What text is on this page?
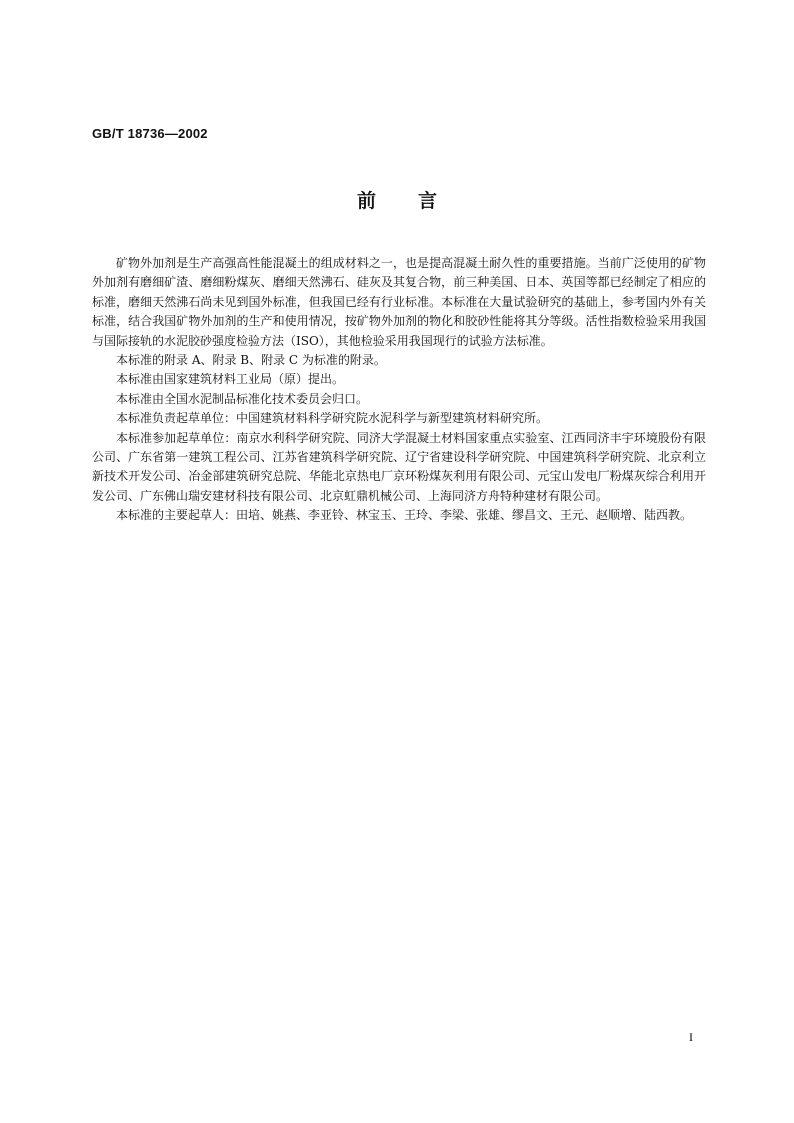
GB/T 18736—2002
前言

矿物外加剂是生产高强高性能混凝土的组成材料之一，也是提高混凝土耐久性的重要措施。当前广泛使用的矿物外加剂有磨细矿渣、磨细粉煤灰、磨细天然沸石、硅灰及其复合物，前三种美国、日本、英国等都已经制定了相应的标准，磨细天然沸石尚未见到国外标准，但我国已经有行业标准。本标准在大量试验研究的基础上，参考国内外有关标准，结合我国矿物外加剂的生产和使用情况，按矿物外加剂的物化和胶砂性能将其分等级。活性指数检验采用我国与国际接轨的水泥胶砂强度检验方法（ISO），其他检验采用我国现行的试验方法标准。

本标准的附录 A、附录 B、附录 C 为标准的附录。

本标准由国家建筑材料工业局（原）提出。

本标准由全国水泥制品标准化技术委员会归口。

本标准负责起草单位：中国建筑材料科学研究院水泥科学与新型建筑材料研究所。

本标准参加起草单位：南京水利科学研究院、同济大学混凝土材料国家重点实验室、江西同济丰宇环境股份有限公司、广东省第一建筑工程公司、江苏省建筑科学研究院、辽宁省建设科学研究院、中国建筑科学研究院、北京利立新技术开发公司、冶金部建筑研究总院、华能北京热电厂京环粉煤灰利用有限公司、元宝山发电厂粉煤灰综合利用开发公司、广东佛山瑞安建材科技有限公司、北京虹鼎机械公司、上海同济方舟特种建材有限公司。

本标准的主要起草人：田培、姚燕、李亚铃、林宝玉、王玲、李梁、张雄、缪昌文、王元、赵顺增、陆西教。

I
